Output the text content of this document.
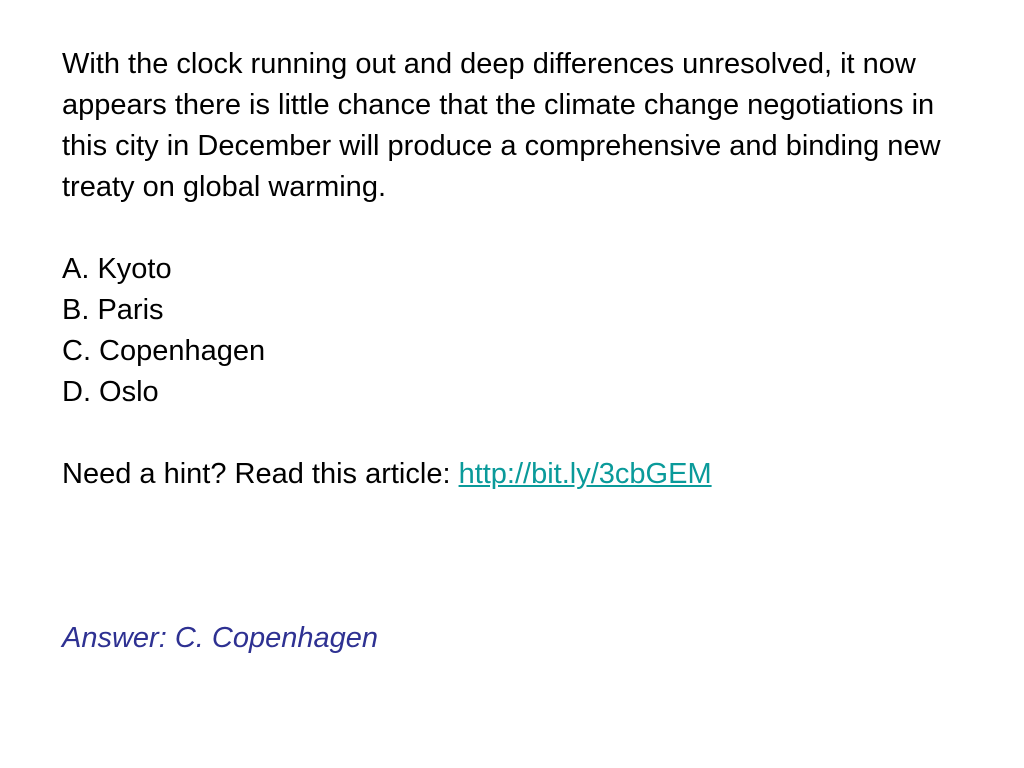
With the clock running out and deep differences unresolved, it now appears there is little chance that the climate change negotiations in this city in December will produce a comprehensive and binding new treaty on global warming.

A. Kyoto
B. Paris
C. Copenhagen
D. Oslo

Need a hint? Read this article: http://bit.ly/3cbGEM

Answer: C. Copenhagen
